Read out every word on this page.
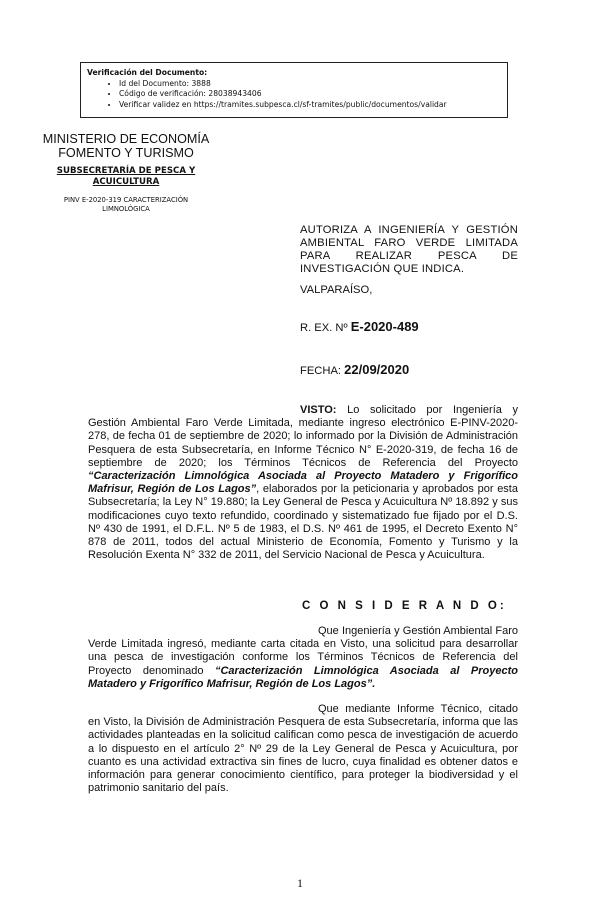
Verificación del Documento:
• Id del Documento: 3888
• Código de verificación: 28038943406
• Verificar validez en https://tramites.subpesca.cl/sf-tramites/public/documentos/validar
MINISTERIO DE ECONOMÍA
FOMENTO Y TURISMO
SUBSECRETARÍA DE PESCA Y
ACUICULTURA
PINV E-2020-319 CARACTERIZACIÓN
LIMNOLÓGICA
AUTORIZA A INGENIERÍA Y GESTIÓN AMBIENTAL FARO VERDE LIMITADA PARA REALIZAR PESCA DE INVESTIGACIÓN QUE INDICA.
VALPARAÍSO,
R. EX. Nº E-2020-489
FECHA: 22/09/2020
VISTO: Lo solicitado por Ingeniería y Gestión Ambiental Faro Verde Limitada, mediante ingreso electrónico E-PINV-2020-278, de fecha 01 de septiembre de 2020; lo informado por la División de Administración Pesquera de esta Subsecretaría, en Informe Técnico N° E-2020-319, de fecha 16 de septiembre de 2020; los Términos Técnicos de Referencia del Proyecto “Caracterización Limnológica Asociada al Proyecto Matadero y Frigorífico Mafrisur, Región de Los Lagos”, elaborados por la peticionaria y aprobados por esta Subsecretaría; la Ley N° 19.880; la Ley General de Pesca y Acuicultura Nº 18.892 y sus modificaciones cuyo texto refundido, coordinado y sistematizado fue fijado por el D.S. Nº 430 de 1991, el D.F.L. Nº 5 de 1983, el D.S. Nº 461 de 1995, el Decreto Exento N° 878 de 2011, todos del actual Ministerio de Economía, Fomento y Turismo y la Resolución Exenta N° 332 de 2011, del Servicio Nacional de Pesca y Acuicultura.
C O N S I D E R A N D O:
Que Ingeniería y Gestión Ambiental Faro Verde Limitada ingresó, mediante carta citada en Visto, una solicitud para desarrollar una pesca de investigación conforme los Términos Técnicos de Referencia del Proyecto denominado “Caracterización Limnológica Asociada al Proyecto Matadero y Frigorífico Mafrisur, Región de Los Lagos”.
Que mediante Informe Técnico, citado en Visto, la División de Administración Pesquera de esta Subsecretaría, informa que las actividades planteadas en la solicitud califican como pesca de investigación de acuerdo a lo dispuesto en el artículo 2° Nº 29 de la Ley General de Pesca y Acuicultura, por cuanto es una actividad extractiva sin fines de lucro, cuya finalidad es obtener datos e información para generar conocimiento científico, para proteger la biodiversidad y el patrimonio sanitario del país.
1
